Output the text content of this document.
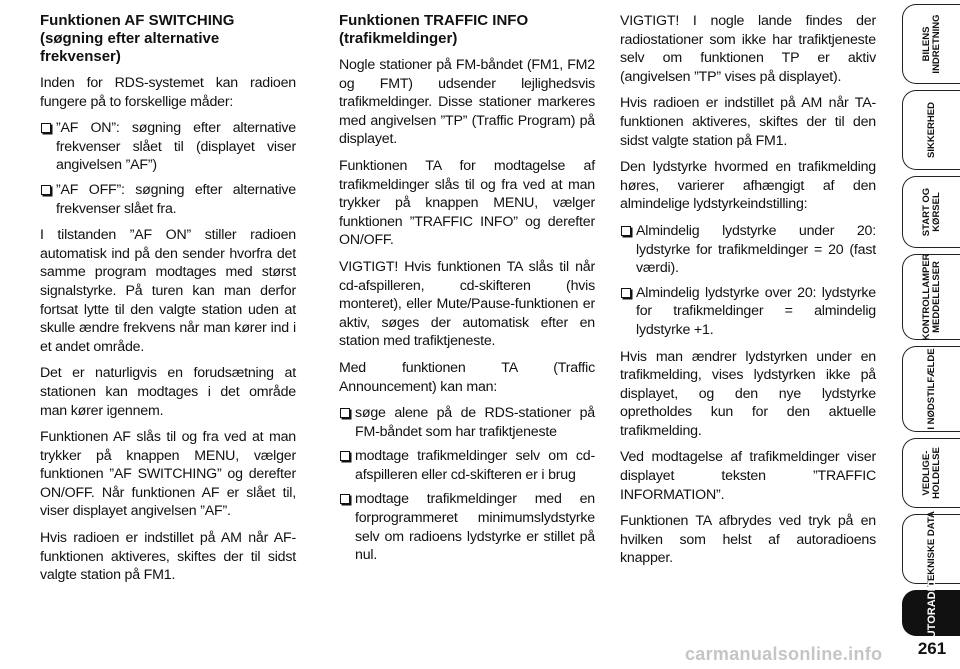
Funktionen AF SWITCHING (søgning efter alternative frekvenser)

Inden for RDS-systemet kan radioen fungere på to forskellige måder:

”AF ON”: søgning efter alternative frekvenser slået til (displayet viser angivelsen ”AF”)
”AF OFF”: søgning efter alternative frekvenser slået fra.

I tilstanden ”AF ON” stiller radioen automatisk ind på den sender hvorfra det samme program modtages med størst signalstyrke. På turen kan man derfor fortsat lytte til den valgte station uden at skulle ændre frekvens når man kører ind i et andet område.

Det er naturligvis en forudsætning at stationen kan modtages i det område man kører igennem.

Funktionen AF slås til og fra ved at man trykker på knappen MENU, vælger funktionen ”AF SWITCHING” og derefter ON/OFF. Når funktionen AF er slået til, viser displayet angivelsen ”AF”.

Hvis radioen er indstillet på AM når AF-funktionen aktiveres, skiftes der til sidst valgte station på FM1.

Funktionen TRAFFIC INFO (trafikmeldinger)

Nogle stationer på FM-båndet (FM1, FM2 og FMT) udsender lejlighedsvis trafikmeldinger. Disse stationer markeres med angivelsen ”TP” (Traffic Program) på displayet.

Funktionen TA for modtagelse af trafikmeldinger slås til og fra ved at man trykker på knappen MENU, vælger funktionen ”TRAFFIC INFO” og derefter ON/OFF.

VIGTIGT! Hvis funktionen TA slås til når cd-afspilleren, cd-skifteren (hvis monteret), eller Mute/Pause-funktionen er aktiv, søges der automatisk efter en station med trafiktjeneste.

Med funktionen TA (Traffic Announcement) kan man:

søge alene på de RDS-stationer på FM-båndet som har trafiktjeneste
modtage trafikmeldinger selv om cd-afspilleren eller cd-skifteren er i brug
modtage trafikmeldinger med en forprogrammeret minimumslydstyrke selv om radioens lydstyrke er stillet på nul.

VIGTIGT! I nogle lande findes der radiostationer som ikke har trafiktjeneste selv om funktionen TP er aktiv (angivelsen ”TP” vises på displayet).

Hvis radioen er indstillet på AM når TA-funktionen aktiveres, skiftes der til den sidst valgte station på FM1.

Den lydstyrke hvormed en trafikmelding høres, varierer afhængigt af den almindelige lydstyrkeindstilling:

Almindelig lydstyrke under 20: lydstyrke for trafikmeldinger = 20 (fast værdi).
Almindelig lydstyrke over 20: lydstyrke for trafikmeldinger = almindelig lydstyrke +1.

Hvis man ændrer lydstyrken under en trafikmelding, vises lydstyrken ikke på displayet, og den nye lydstyrke opretholdes kun for den aktuelle trafikmelding.

Ved modtagelse af trafikmeldinger viser displayet teksten ”TRAFFIC INFORMATION”.

Funktionen TA afbrydes ved tryk på en hvilken som helst af autoradioens knapper.

BILENS
INDRETNING
SIKKERHED
START OG
KØRSEL
KONTROLLAMPER
MEDDELELSER
I NØDSTILFÆLDE
VEDLIGE-
HOLDELSE
TEKNISKE DATA
AUTORADIO
261
carmanualsonline.info
